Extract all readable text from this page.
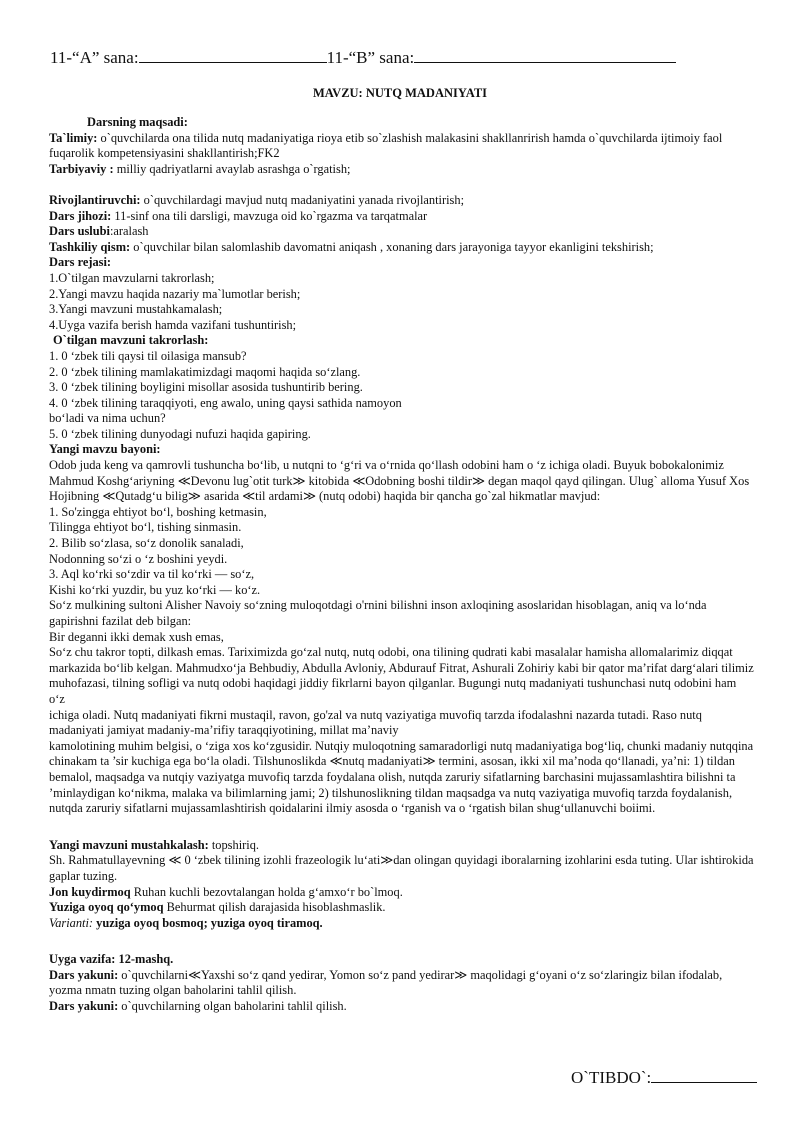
11-“A” sana:	11-“B” sana:
MAVZU: NUTQ MADANIYATI

Darsning maqsadi:

Ta`limiy: o`quvchilarda ona tilida nutq madaniyatiga rioya etib so`zlashish malakasini shakllanrirish hamda o`quvchilarda ijtimoiy faol fuqarolik kompetensiyasini shakllantirish;FK2

Tarbiyaviy : milliy qadriyatlarni avaylab asrashga o`rgatish;

Rivojlantiruvchi: o`quvchilardagi mavjud nutq madaniyatini yanada rivojlantirish;

Dars jihozi: 11-sinf ona tili darsligi, mavzuga oid ko`rgazma va tarqatmalar

Dars uslubi:aralash

Tashkiliy qism: o`quvchilar bilan salomlashib davomatni aniqash , xonaning dars jarayoniga tayyor ekanligini tekshirish;

Dars rejasi:

1.O`tilgan mavzularni takrorlash;

2.Yangi mavzu haqida nazariy ma`lumotlar berish;

3.Yangi mavzuni mustahkamalash;

4.Uyga vazifa berish hamda vazifani tushuntirish;

O`tilgan mavzuni takrorlash:

1. 0 ‘zbek tili qaysi til oilasiga mansub?

2. 0 ‘zbek tilining mamlakatimizdagi maqomi haqida so‘zlang.

3. 0 ‘zbek tilining boyligini misollar asosida tushuntirib bering.

4. 0 ‘zbek tilining taraqqiyoti, eng awalo, uning qaysi sathida namoyon

bo‘ladi va nima uchun?

5. 0 ‘zbek tilining dunyodagi nufuzi haqida gapiring.

Yangi mavzu bayoni:

Odob juda keng va qamrovli tushuncha bo‘lib, u nutqni to ‘g‘ri va o‘rnida qo‘llash odobini ham o ‘z ichiga oladi. Buyuk bobokalonimiz Mahmud Koshg‘ariyning ≪Devonu lug`otit turk≫ kitobida ≪Odobning boshi tildir≫ degan maqol qayd qilingan. Ulug` alloma Yusuf Xos Hojibning ≪Qutadg‘u bilig≫ asarida ≪til ardami≫ (nutq odobi) haqida bir qancha go`zal hikmatlar mavjud:

1. So'zingga ehtiyot bo‘l, boshing ketmasin,

Tilingga ehtiyot bo‘l, tishing sinmasin.

2. Bilib so‘zlasa, so‘z donolik sanaladi,

Nodonning so‘zi o ‘z boshini yeydi.

3. Aql ko‘rki so‘zdir va til ko‘rki — so‘z,

Kishi ko‘rki yuzdir, bu yuz ko‘rki — ko‘z.

So‘z mulkining sultoni Alisher Navoiy so‘zning muloqotdagi o'rnini bilishni inson axloqining asoslaridan hisoblagan, aniq va lo‘nda gapirishni fazilat deb bilgan:

Bir deganni ikki demak xush emas,

So‘z chu takror topti, dilkash emas. Tariximizda go‘zal nutq, nutq odobi, ona tilining qudrati kabi masalalar hamisha allomalarimiz diqqat markazida bo‘lib kelgan. Mahmudxo‘ja Behbudiy, Abdulla Avloniy, Abdurauf Fitrat, Ashurali Zohiriy kabi bir qator ma’rifat darg‘alari tilimiz muhofazasi, tilning sofligi va nutq odobi haqidagi jiddiy fikrlarni bayon qilganlar. Bugungi nutq madaniyati tushunchasi nutq odobini ham o‘z

ichiga oladi. Nutq madaniyati fikrni mustaqil, ravon, go'zal va nutq vaziyatiga muvofiq tarzda ifodalashni nazarda tutadi. Raso nutq madaniyati jamiyat madaniy-ma’rifiy taraqqiyotining, millat ma’naviy

kamolotining muhim belgisi, o ‘ziga xos ko‘zgusidir. Nutqiy muloqotning samaradorligi nutq madaniyatiga bog‘liq, chunki madaniy nutqqina chinakam ta ’sir kuchiga ega bo‘la oladi. Tilshunoslikda ≪nutq madaniyati≫ termini, asosan, ikki xil ma’noda qo‘llanadi, ya’ni: 1) tildan bemalol, maqsadga va nutqiy vaziyatga muvofiq tarzda foydalana olish, nutqda zaruriy sifatlarning barchasini mujassamlashtira bilishni ta ’minlaydigan ko‘nikma, malaka va bilimlarning jami; 2) tilshunoslikning tildan maqsadga va nutq vaziyatiga muvofiq tarzda foydalanish, nutqda zaruriy sifatlarni mujassamlashtirish qoidalarini ilmiy asosda o ‘rganish va o ‘rgatish bilan shug‘ullanuvchi boiimi.

Yangi mavzuni mustahkalash: topshiriq.

Sh. Rahmatullayevning ≪ 0 ‘zbek tilining izohli frazeologik lu‘ati≫dan olingan quyidagi iboralarning izohlarini esda tuting. Ular ishtirokida gaplar tuzing.

Jon kuydirmoq Ruhan kuchli bezovtalangan holda g‘amxo‘r bo`lmoq.

Yuziga oyoq qo‘ymoq Behurmat qilish darajasida hisoblashmaslik.

Varianti: yuziga oyoq bosmoq; yuziga oyoq tiramoq.

Uyga vazifa: 12-mashq.

Dars yakuni: o`quvchilarni≪Yaxshi so‘z qand yedirar, Yomon so‘z pand yedirar≫ maqolidagi g‘oyani o‘z so‘zlaringiz bilan ifodalab, yozma nmatn tuzing olgan baholarini tahlil qilish.

Dars yakuni: o`quvchilarning olgan baholarini tahlil qilish.

O`TIBDO`:
